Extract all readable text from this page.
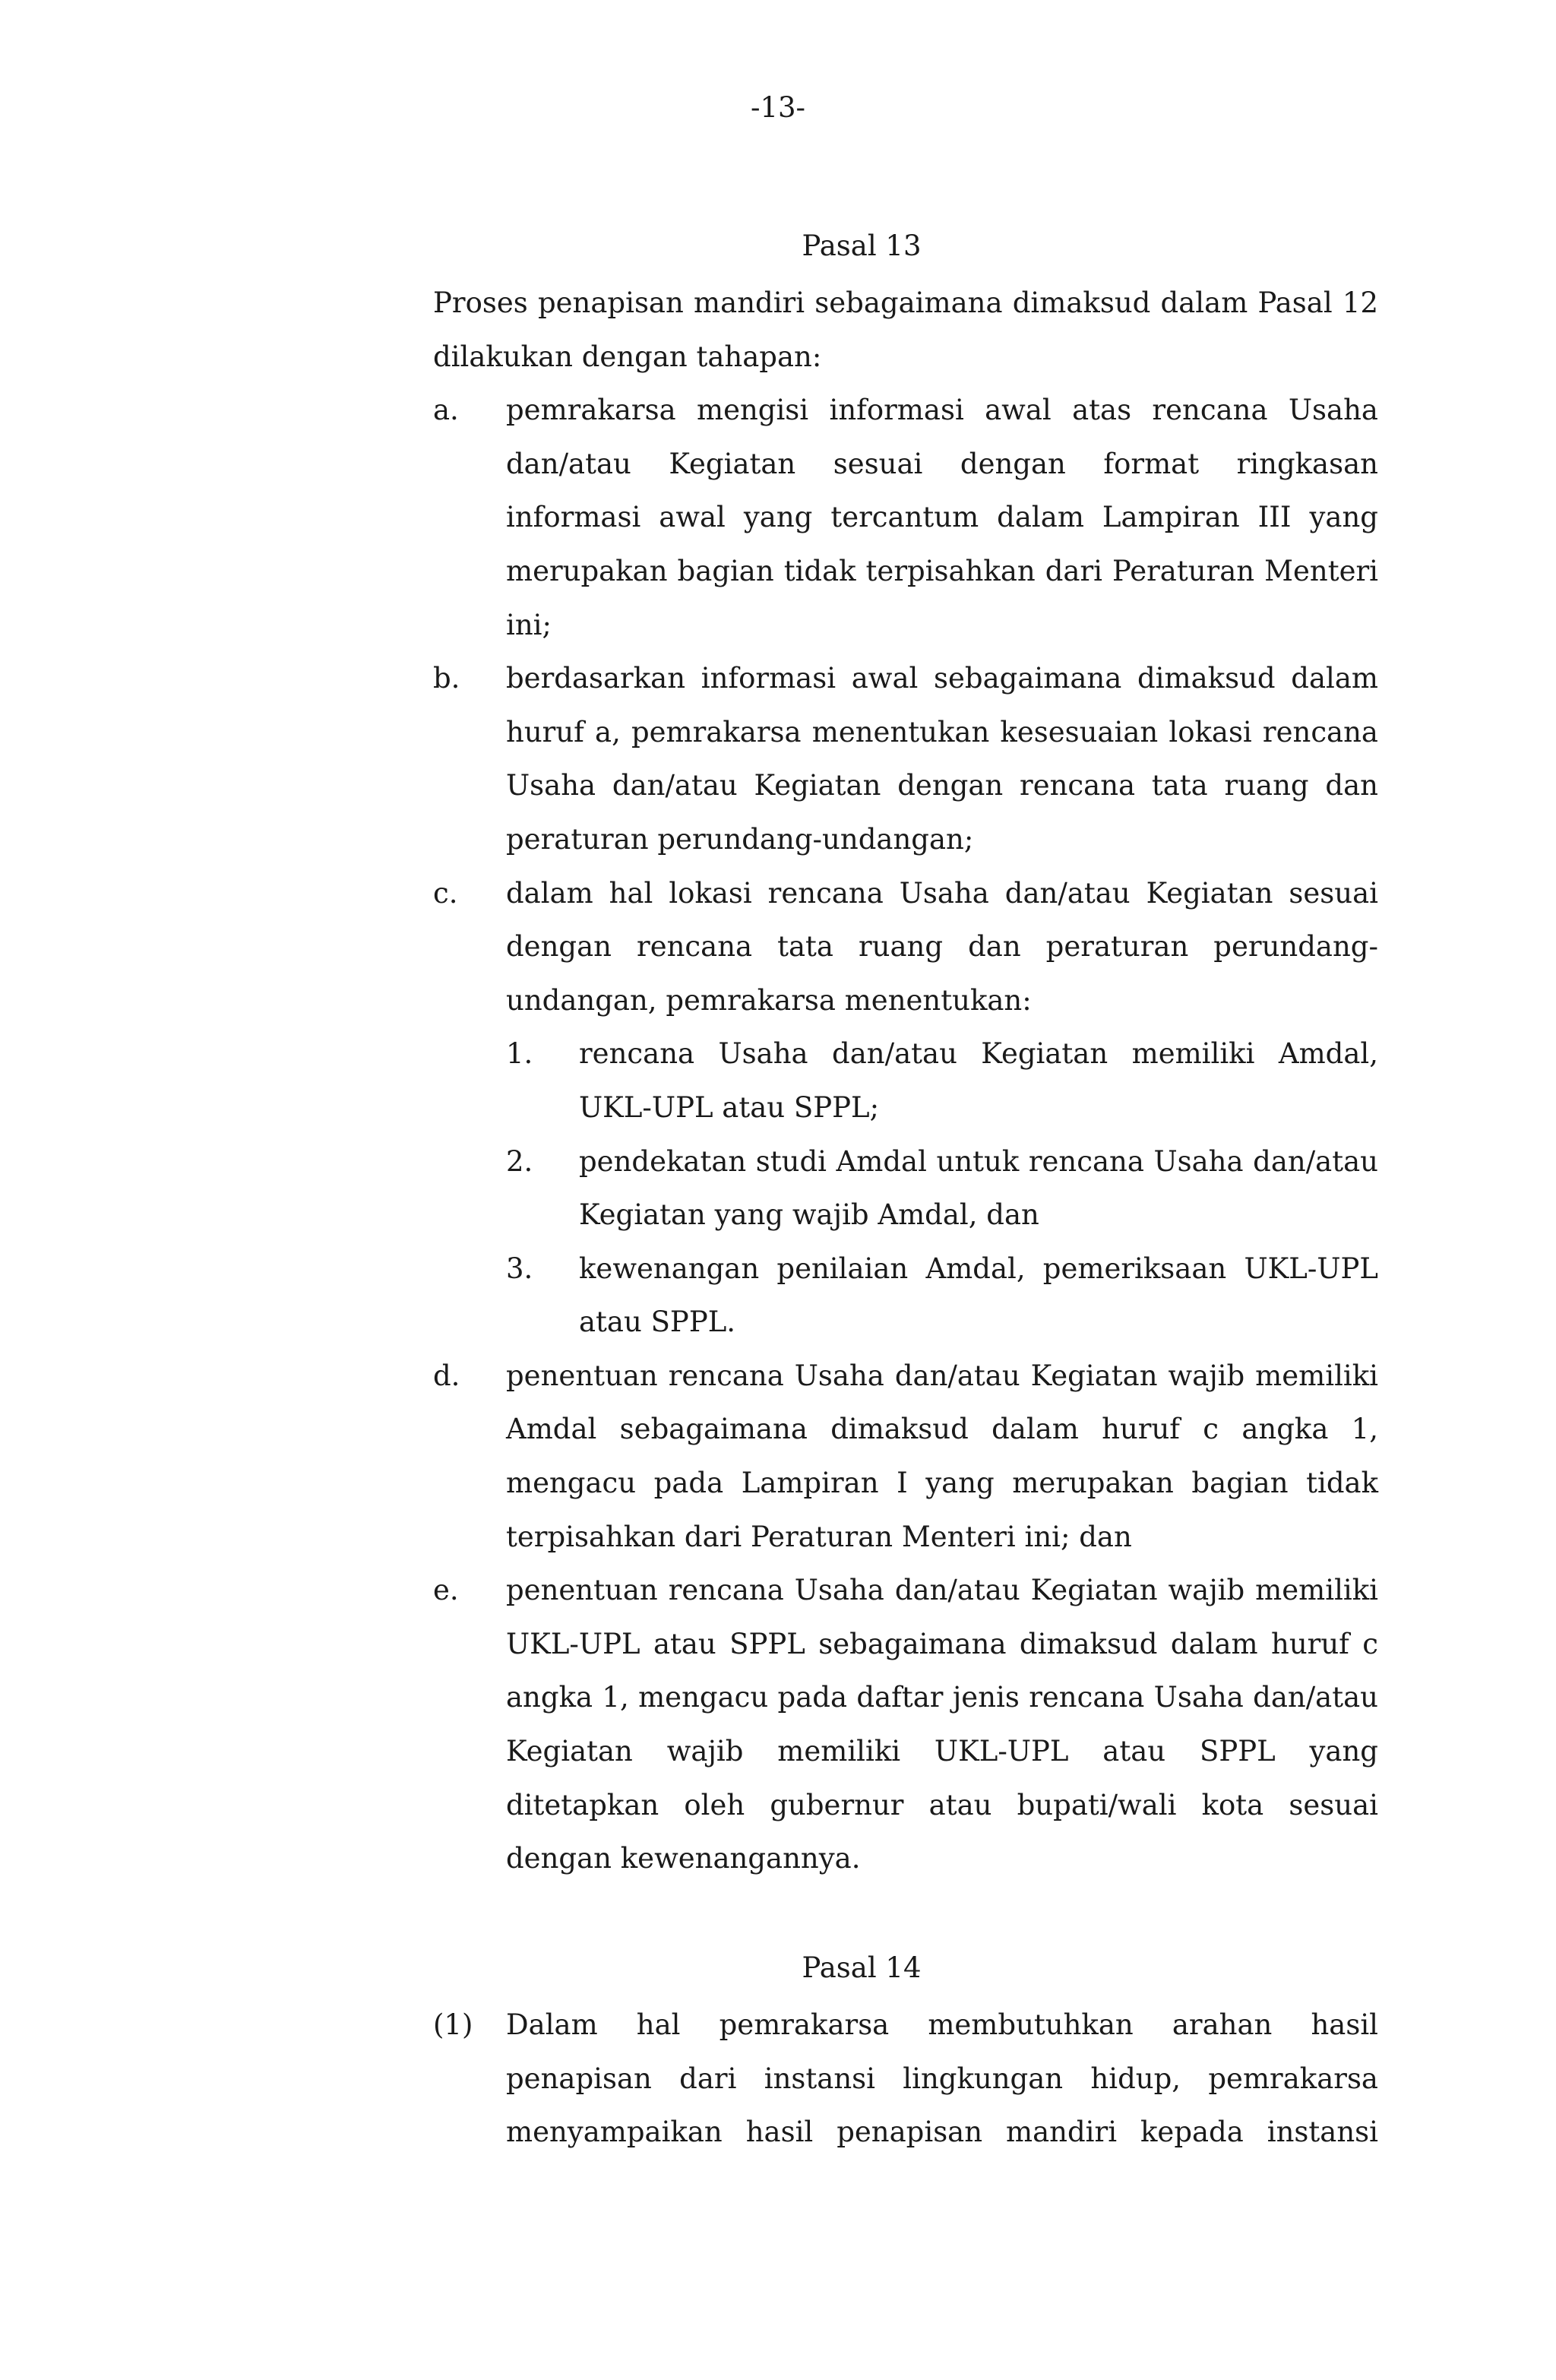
-13-
Pasal 13
Proses penapisan mandiri sebagaimana dimaksud dalam Pasal 12 dilakukan dengan tahapan:
a. pemrakarsa mengisi informasi awal atas rencana Usaha dan/atau Kegiatan sesuai dengan format ringkasan informasi awal yang tercantum dalam Lampiran III yang merupakan bagian tidak terpisahkan dari Peraturan Menteri ini;
b. berdasarkan informasi awal sebagaimana dimaksud dalam huruf a, pemrakarsa menentukan kesesuaian lokasi rencana Usaha dan/atau Kegiatan dengan rencana tata ruang dan peraturan perundang-undangan;
c. dalam hal lokasi rencana Usaha dan/atau Kegiatan sesuai dengan rencana tata ruang dan peraturan perundang-undangan, pemrakarsa menentukan:
1. rencana Usaha dan/atau Kegiatan memiliki Amdal, UKL-UPL atau SPPL;
2. pendekatan studi Amdal untuk rencana Usaha dan/atau Kegiatan yang wajib Amdal, dan
3. kewenangan penilaian Amdal, pemeriksaan UKL-UPL atau SPPL.
d. penentuan rencana Usaha dan/atau Kegiatan wajib memiliki Amdal sebagaimana dimaksud dalam huruf c angka 1, mengacu pada Lampiran I yang merupakan bagian tidak terpisahkan dari Peraturan Menteri ini; dan
e. penentuan rencana Usaha dan/atau Kegiatan wajib memiliki UKL-UPL atau SPPL sebagaimana dimaksud dalam huruf c angka 1, mengacu pada daftar jenis rencana Usaha dan/atau Kegiatan wajib memiliki UKL-UPL atau SPPL yang ditetapkan oleh gubernur atau bupati/wali kota sesuai dengan kewenangannya.
Pasal 14
(1) Dalam hal pemrakarsa membutuhkan arahan hasil penapisan dari instansi lingkungan hidup, pemrakarsa menyampaikan hasil penapisan mandiri kepada instansi
